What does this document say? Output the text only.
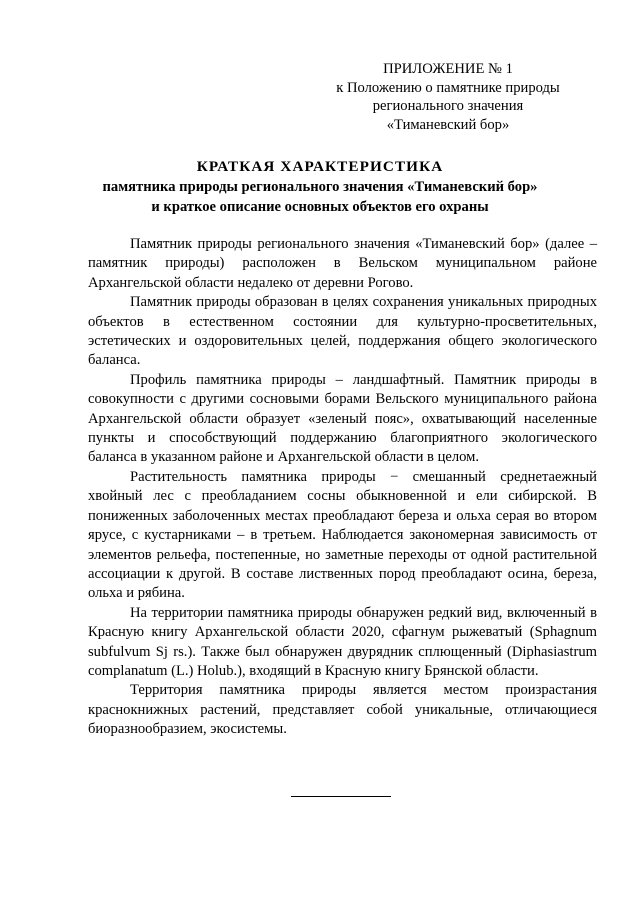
ПРИЛОЖЕНИЕ № 1
к Положению о памятнике природы
регионального значения
«Тиманевский бор»
КРАТКАЯ ХАРАКТЕРИСТИКА
памятника природы регионального значения «Тиманевский бор»
и краткое описание основных объектов его охраны

Памятник природы регионального значения «Тиманевский бор» (далее – памятник природы) расположен в Вельском муниципальном районе Архангельской области недалеко от деревни Рогово.

Памятник природы образован в целях сохранения уникальных природных объектов в естественном состоянии для культурно-просветительных, эстетических и оздоровительных целей, поддержания общего экологического баланса.

Профиль памятника природы – ландшафтный. Памятник природы в совокупности с другими сосновыми борами Вельского муниципального района Архангельской области образует «зеленый пояс», охватывающий населенные пункты и способствующий поддержанию благоприятного экологического баланса в указанном районе и Архангельской области в целом.

Растительность памятника природы − смешанный среднетаежный хвойный лес с преобладанием сосны обыкновенной и ели сибирской. В пониженных заболоченных местах преобладают береза и ольха серая во втором ярусе, с кустарниками – в третьем. Наблюдается закономерная зависимость от элементов рельефа, постепенные, но заметные переходы от одной растительной ассоциации к другой. В составе лиственных пород преобладают осина, береза, ольха и рябина.

На территории памятника природы обнаружен редкий вид, включенный в Красную книгу Архангельской области 2020, сфагнум рыжеватый (Sphagnum subfulvum Sj rs.). Также был обнаружен двурядник сплющенный (Diphasiastrum complanatum (L.) Holub.), входящий в Красную книгу Брянской области.

Территория памятника природы является местом произрастания краснокнижных растений, представляет собой уникальные, отличающиеся биоразнообразием, экосистемы.
